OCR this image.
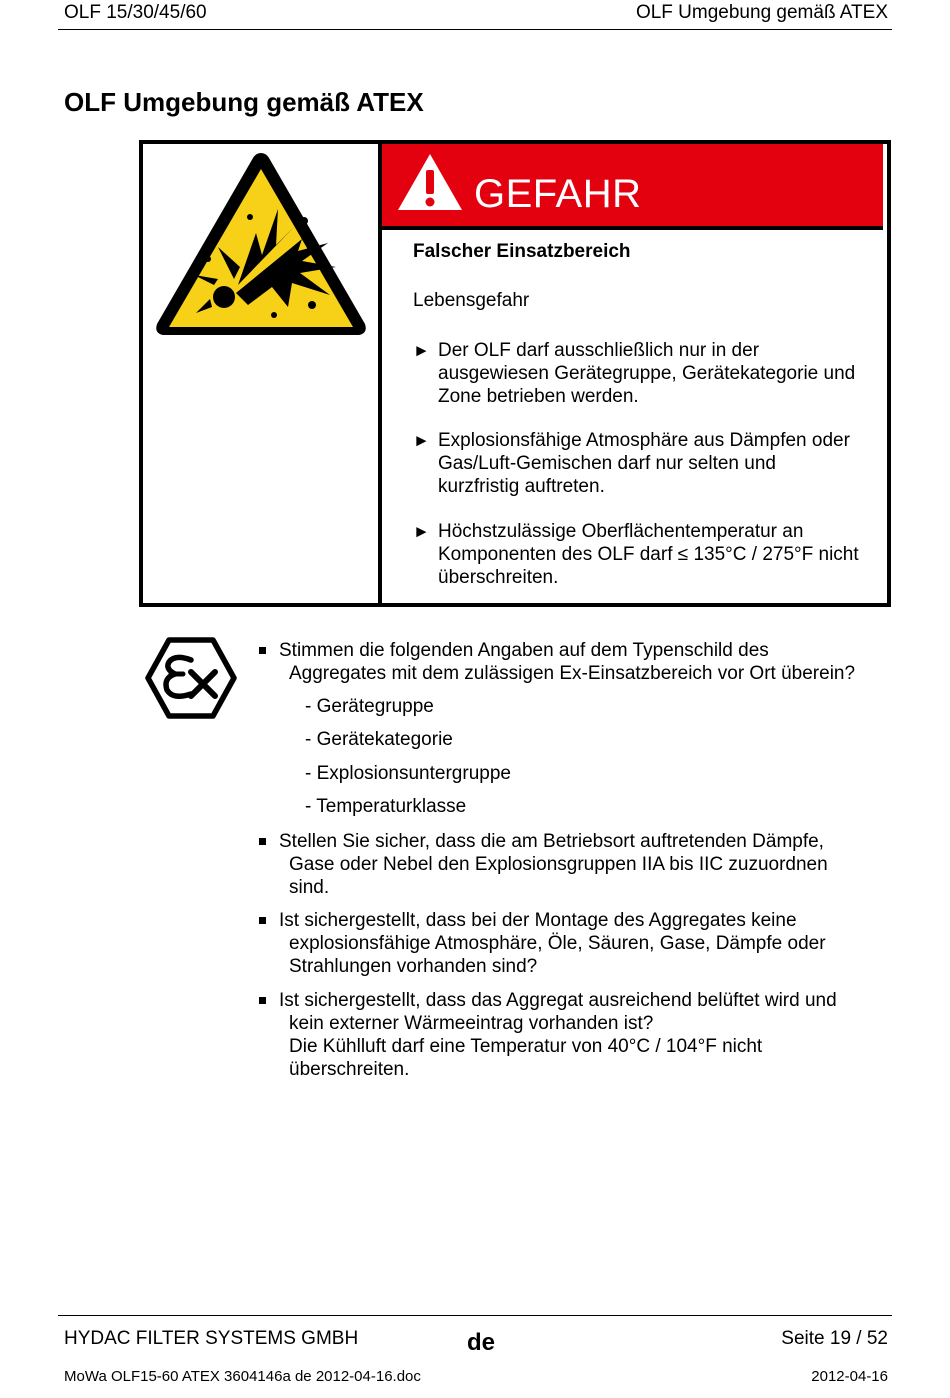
OLF 15/30/45/60	OLF Umgebung gemäß ATEX
OLF Umgebung gemäß ATEX
GEFAHR
Falscher Einsatzbereich
Lebensgefahr
► Der OLF darf ausschließlich nur in der
ausgewiesen Gerätegruppe, Gerätekategorie und
Zone betrieben werden.
► Explosionsfähige Atmosphäre aus Dämpfen oder
Gas/Luft-Gemischen darf nur selten und
kurzfristig auftreten.
► Höchstzulässige Oberflächentemperatur an
Komponenten des OLF darf ≤ 135°C / 275°F nicht
überschreiten.
Stimmen die folgenden Angaben auf dem Typenschild des
Aggregates mit dem zulässigen Ex-Einsatzbereich vor Ort überein?
- Gerätegruppe
- Gerätekategorie
- Explosionsuntergruppe
- Temperaturklasse
Stellen Sie sicher, dass die am Betriebsort auftretenden Dämpfe,
Gase oder Nebel den Explosionsgruppen IIA bis IIC zuzuordnen
sind.
Ist sichergestellt, dass bei der Montage des Aggregates keine
explosionsfähige Atmosphäre, Öle, Säuren, Gase, Dämpfe oder
Strahlungen vorhanden sind?
Ist sichergestellt, dass das Aggregat ausreichend belüftet wird und
kein externer Wärmeeintrag vorhanden ist?
Die Kühlluft darf eine Temperatur von 40°C / 104°F nicht
überschreiten.
HYDAC FILTER SYSTEMS GMBH	de	Seite 19 / 52
MoWa OLF15-60 ATEX 3604146a de 2012-04-16.doc	2012-04-16
